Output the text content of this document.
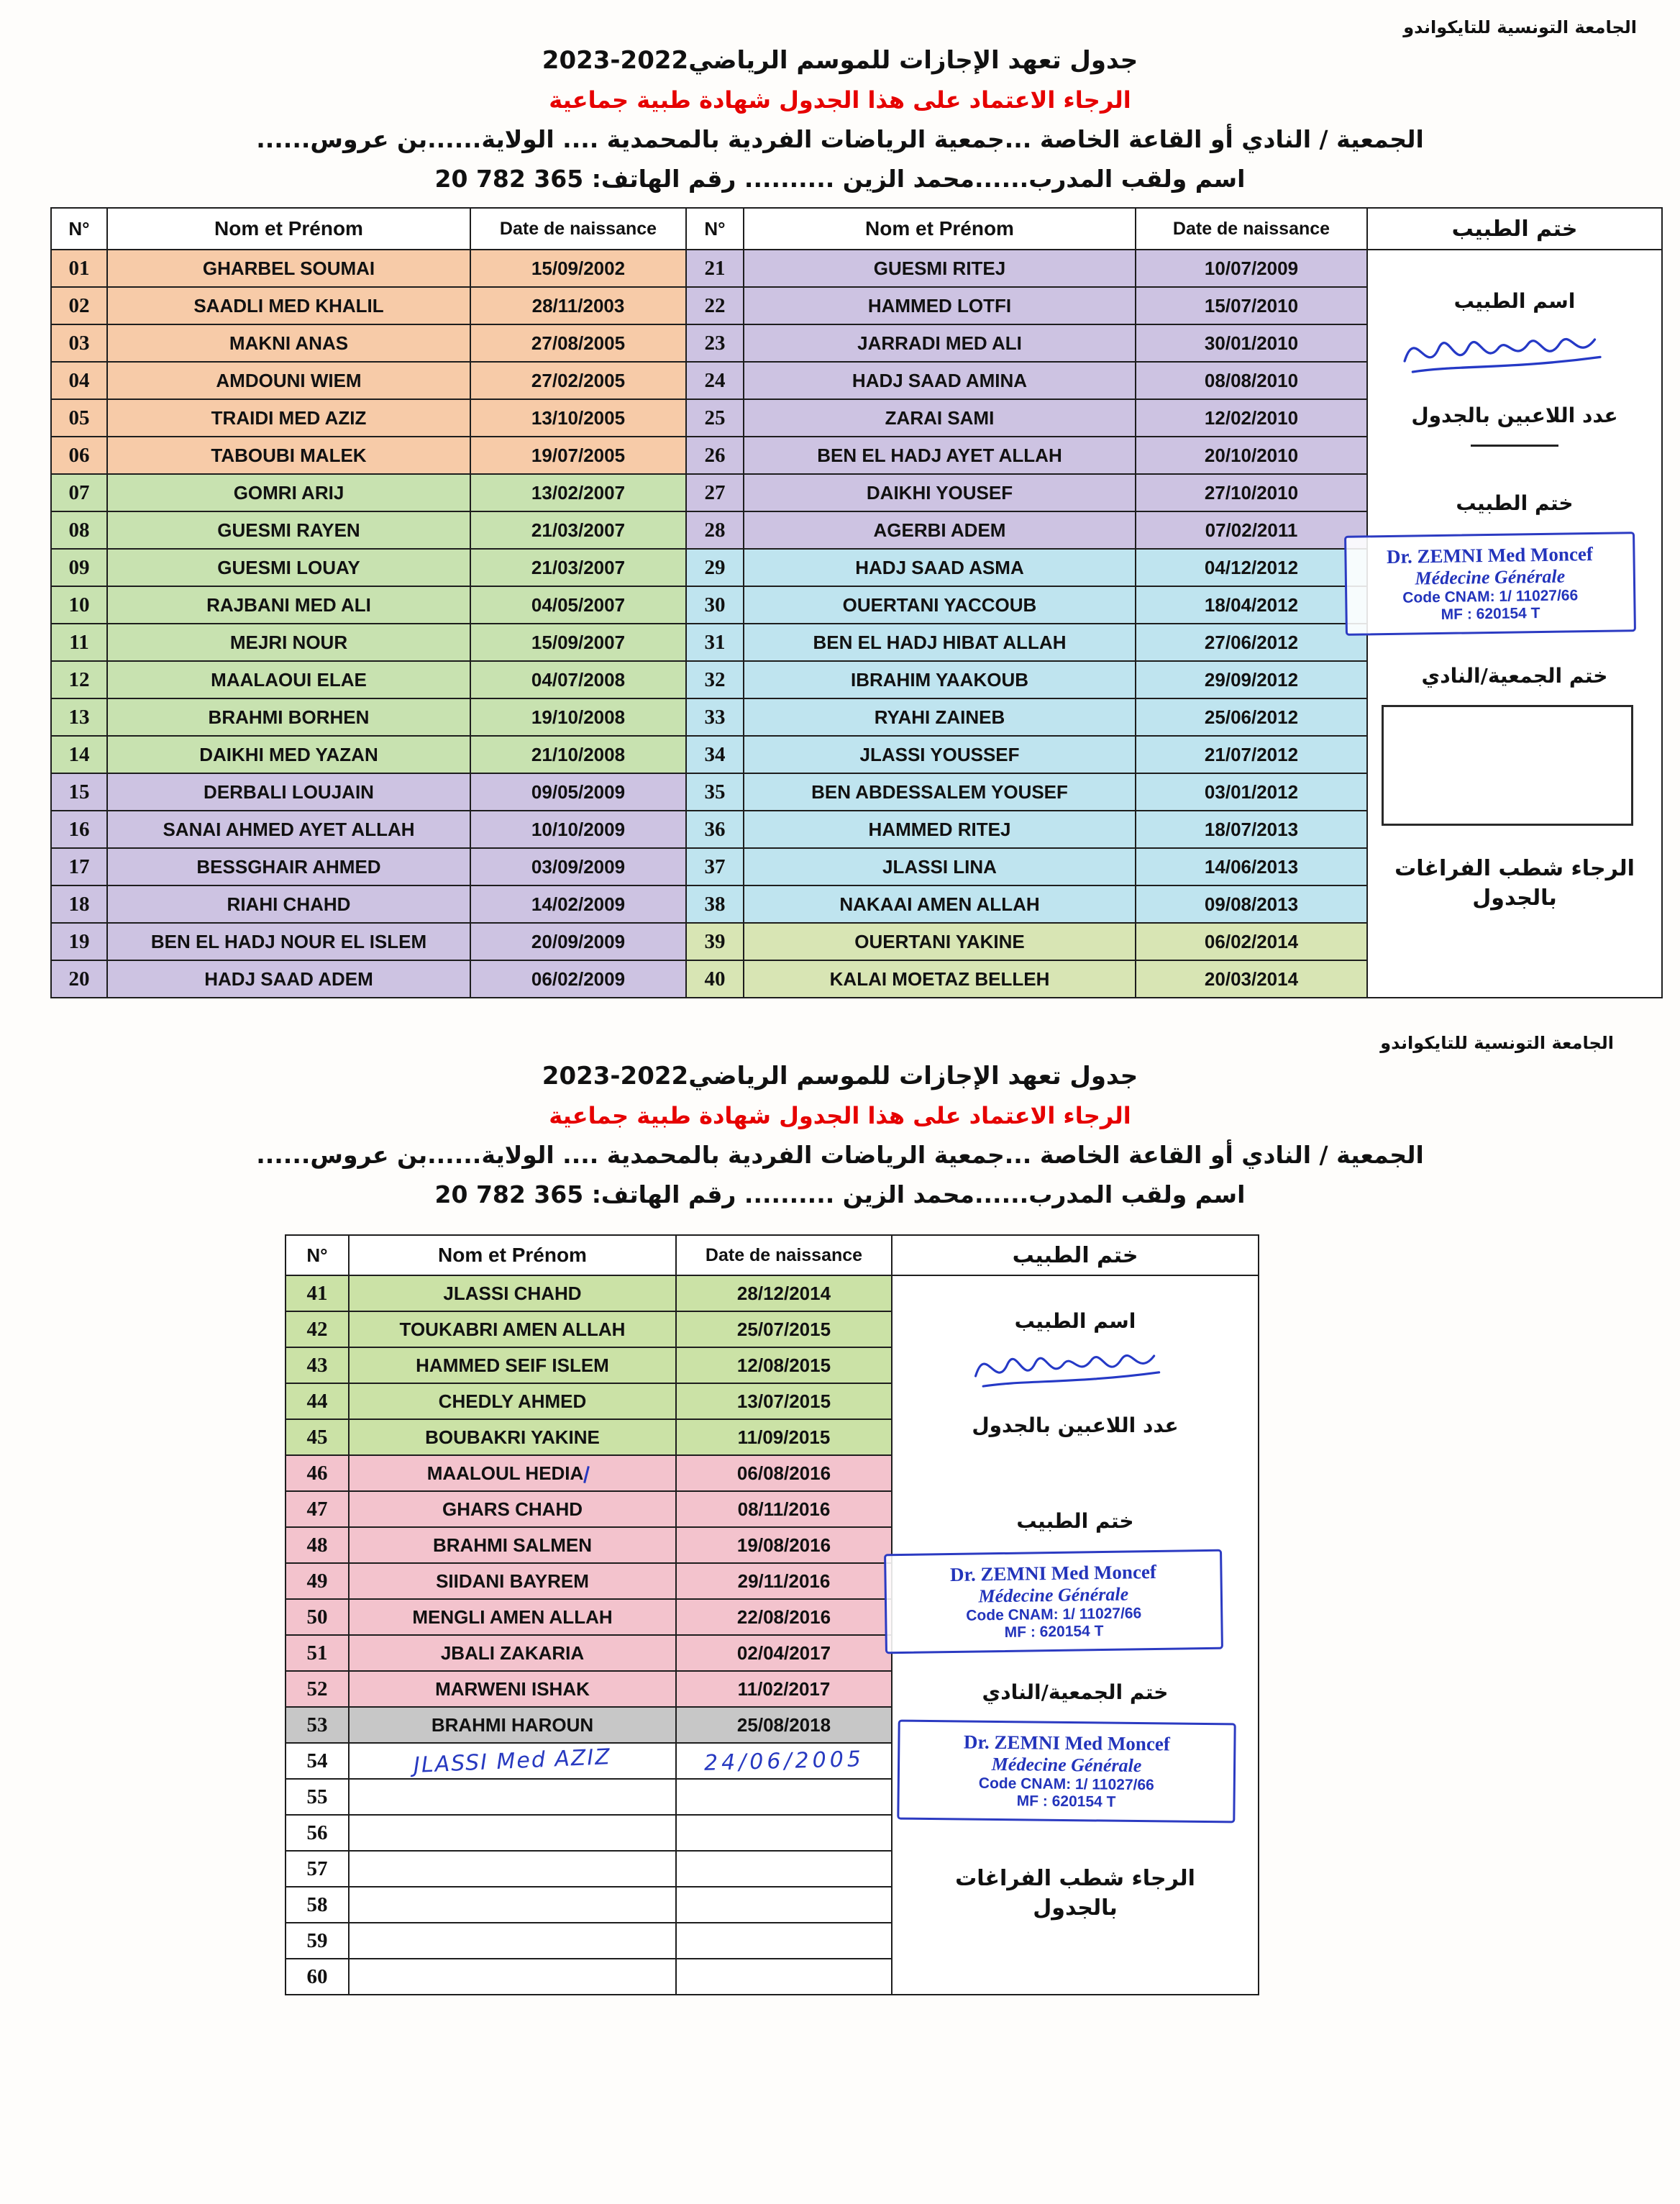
الجامعة التونسية للتايكواندو
جدول تعهد الإجازات للموسم الرياضي2022-2023
الرجاء الاعتماد على هذا الجدول شهادة طبية جماعية
الجمعية / النادي أو القاعة الخاصة ...جمعية الرياضات الفردية بالمحمدية .... الولاية......بن عروس......
اسم ولقب المدرب......محمد الزين .......... رقم الهاتف: 20 782 365
N°	Nom et Prénom	Date de naissance	N°	Nom et Prénom	Date de naissance
01	GHARBEL SOUMAI	15/09/2002	21	GUESMI RITEJ	10/07/2009
02	SAADLI MED KHALIL	28/11/2003	22	HAMMED LOTFI	15/07/2010
03	MAKNI ANAS	27/08/2005	23	JARRADI MED ALI	30/01/2010
04	AMDOUNI WIEM	27/02/2005	24	HADJ SAAD AMINA	08/08/2010
05	TRAIDI MED AZIZ	13/10/2005	25	ZARAI SAMI	12/02/2010
06	TABOUBI MALEK	19/07/2005	26	BEN EL HADJ AYET ALLAH	20/10/2010
07	GOMRI ARIJ	13/02/2007	27	DAIKHI YOUSEF	27/10/2010
08	GUESMI RAYEN	21/03/2007	28	AGERBI ADEM	07/02/2011
09	GUESMI LOUAY	21/03/2007	29	HADJ SAAD ASMA	04/12/2012
10	RAJBANI MED ALI	04/05/2007	30	OUERTANI YACCOUB	18/04/2012
11	MEJRI NOUR	15/09/2007	31	BEN EL HADJ HIBAT ALLAH	27/06/2012
12	MAALAOUI ELAE	04/07/2008	32	IBRAHIM YAAKOUB	29/09/2012
13	BRAHMI BORHEN	19/10/2008	33	RYAHI ZAINEB	25/06/2012
14	DAIKHI MED YAZAN	21/10/2008	34	JLASSI YOUSSEF	21/07/2012
15	DERBALI LOUJAIN	09/05/2009	35	BEN ABDESSALEM YOUSEF	03/01/2012
16	SANAI AHMED AYET ALLAH	10/10/2009	36	HAMMED RITEJ	18/07/2013
17	BESSGHAIR AHMED	03/09/2009	37	JLASSI LINA	14/06/2013
18	RIAHI CHAHD	14/02/2009	38	NAKAAI AMEN ALLAH	09/08/2013
19	BEN EL HADJ NOUR EL ISLEM	20/09/2009	39	OUERTANI YAKINE	06/02/2014
20	HADJ SAAD ADEM	06/02/2009	40	KALAI MOETAZ BELLEH	20/03/2014
ختم الطبيب
اسم الطبيب
عدد اللاعبين بالجدول
ختم الطبيب
Dr. ZEMNI Med Moncef
Médecine Générale
Code CNAM: 1/ 11027/66
MF : 620154 T
ختم الجمعية/النادي
الرجاء شطب الفراغات
بالجدول
الجامعة التونسية للتايكواندو
جدول تعهد الإجازات للموسم الرياضي2022-2023
الرجاء الاعتماد على هذا الجدول شهادة طبية جماعية
الجمعية / النادي أو القاعة الخاصة ...جمعية الرياضات الفردية بالمحمدية .... الولاية......بن عروس......
اسم ولقب المدرب......محمد الزين .......... رقم الهاتف: 20 782 365
N°	Nom et Prénom	Date de naissance
41	JLASSI CHAHD	28/12/2014
42	TOUKABRI AMEN ALLAH	25/07/2015
43	HAMMED SEIF ISLEM	12/08/2015
44	CHEDLY AHMED	13/07/2015
45	BOUBAKRI YAKINE	11/09/2015
46	MAALOUL HEDIA	06/08/2016
47	GHARS CHAHD	08/11/2016
48	BRAHMI SALMEN	19/08/2016
49	SIIDANI BAYREM	29/11/2016
50	MENGLI AMEN ALLAH	22/08/2016
51	JBALI ZAKARIA	02/04/2017
52	MARWENI ISHAK	11/02/2017
53	BRAHMI HAROUN	25/08/2018
54	JLASSI Med AZIZ	24/06/2005
55		
56		
57		
58		
59		
60		
ختم الطبيب
اسم الطبيب
عدد اللاعبين بالجدول
ختم الطبيب
Dr. ZEMNI Med Moncef
Médecine Générale
Code CNAM: 1/ 11027/66
MF : 620154 T
ختم الجمعية/النادي
Dr. ZEMNI Med Moncef
Médecine Générale
Code CNAM: 1/ 11027/66
MF : 620154 T
الرجاء شطب الفراغات
بالجدول
